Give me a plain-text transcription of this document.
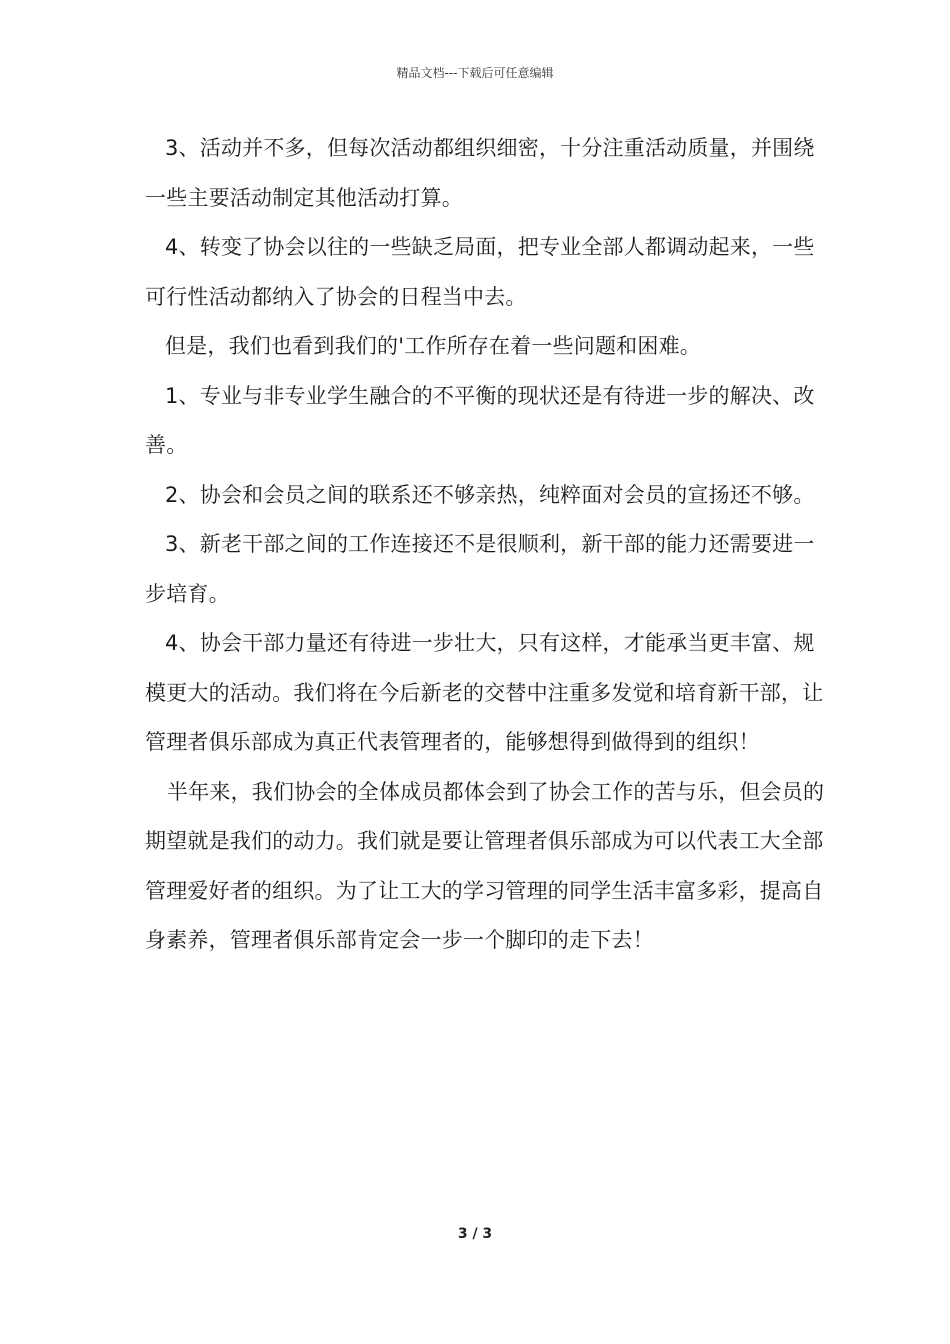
精品文档---下载后可任意编辑

3、活动并不多，但每次活动都组织细密，十分注重活动质量，并围绕一些主要活动制定其他活动打算。

4、转变了协会以往的一些缺乏局面，把专业全部人都调动起来，一些可行性活动都纳入了协会的日程当中去。

但是，我们也看到我们的'工作所存在着一些问题和困难。

1、专业与非专业学生融合的不平衡的现状还是有待进一步的解决、改善。

2、协会和会员之间的联系还不够亲热，纯粹面对会员的宣扬还不够。

3、新老干部之间的工作连接还不是很顺利，新干部的能力还需要进一步培育。

4、协会干部力量还有待进一步壮大，只有这样，才能承当更丰富、规模更大的活动。我们将在今后新老的交替中注重多发觉和培育新干部，让管理者俱乐部成为真正代表管理者的，能够想得到做得到的组织！

半年来，我们协会的全体成员都体会到了协会工作的苦与乐，但会员的期望就是我们的动力。我们就是要让管理者俱乐部成为可以代表工大全部管理爱好者的组织。为了让工大的学习管理的同学生活丰富多彩，提高自身素养，管理者俱乐部肯定会一步一个脚印的走下去！

3 / 3
